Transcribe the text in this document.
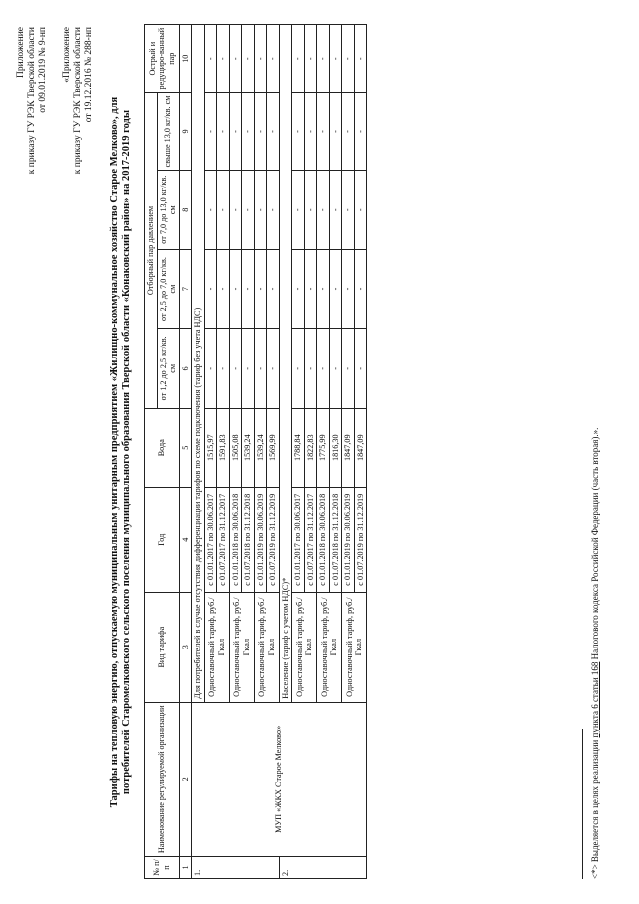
Приложение к приказу ГУ РЭК Тверской области от 09.01.2019 № 9-нп «Приложение к приказу ГУ РЭК Тверской области от 19.12.2016 № 288-нп
Тарифы на тепловую энергию, отпускаемую муниципальным унитарным предприятием «Жилищно-коммунальное хозяйство Старое Мелково», для потребителей Старомелковского сельского поселения муниципального образования Тверской области «Конаковский район» на 2017-2019 годы
№ п/ п	Наименование регулируемой организации	Вид тарифа	Год	Вода	Отборный пар давлением				Острый и редуциро-ванный пар
					от 1,2 до 2,5 кг/кв. см	от 2,5 до 7,0 кг/кв. см	от 7,0 до 13,0 кг/кв. см	свыше 13,0 кг/кв. см	
1	2	3	4	5	6	7	8	9	10
1.	МУП «ЖКХ Старое Мелково»	Для потребителей в случае отсутствия дифференциации тарифов по схеме подключения (тариф без учета НДС)							
		Одноставочный тариф, руб./Гкал	с 01.01.2017 по 30.06.2017	1515,97	-	-	-	-	-
			с 01.07.2017 по 31.12.2017	1591,83	-	-	-	-	-
		Одноставочный тариф, руб./Гкал	с 01.01.2018 по 30.06.2018	1505,08	-	-	-	-	-
			с 01.07.2018 по 31.12.2018	1539,24	-	-	-	-	-
		Одноставочный тариф, руб./Гкал	с 01.01.2019 по 30.06.2019	1539,24	-	-	-	-	-
			с 01.07.2019 по 31.12.2019	1569,99	-	-	-	-	-
2.		Население (тариф с учетом НДС)*							
		Одноставочный тариф, руб./Гкал	с 01.01.2017 по 30.06.2017	1788,84	-	-	-	-	-
			с 01.07.2017 по 31.12.2017	1822,83	-	-	-	-	-
		Одноставочный тариф, руб./Гкал	с 01.01.2018 по 30.06.2018	1775,99	-	-	-	-	-
			с 01.07.2018 по 31.12.2018	1816,30	-	-	-	-	-
		Одноставочный тариф, руб./Гкал	с 01.01.2019 по 30.06.2019	1847,09	-	-	-	-	-
			с 01.07.2019 по 31.12.2019	1847,09	-	-	-	-	-
<*> Выделяется в целях реализации пункта 6 статьи 168 Налогового кодекса Российской Федерации (часть вторая).».
